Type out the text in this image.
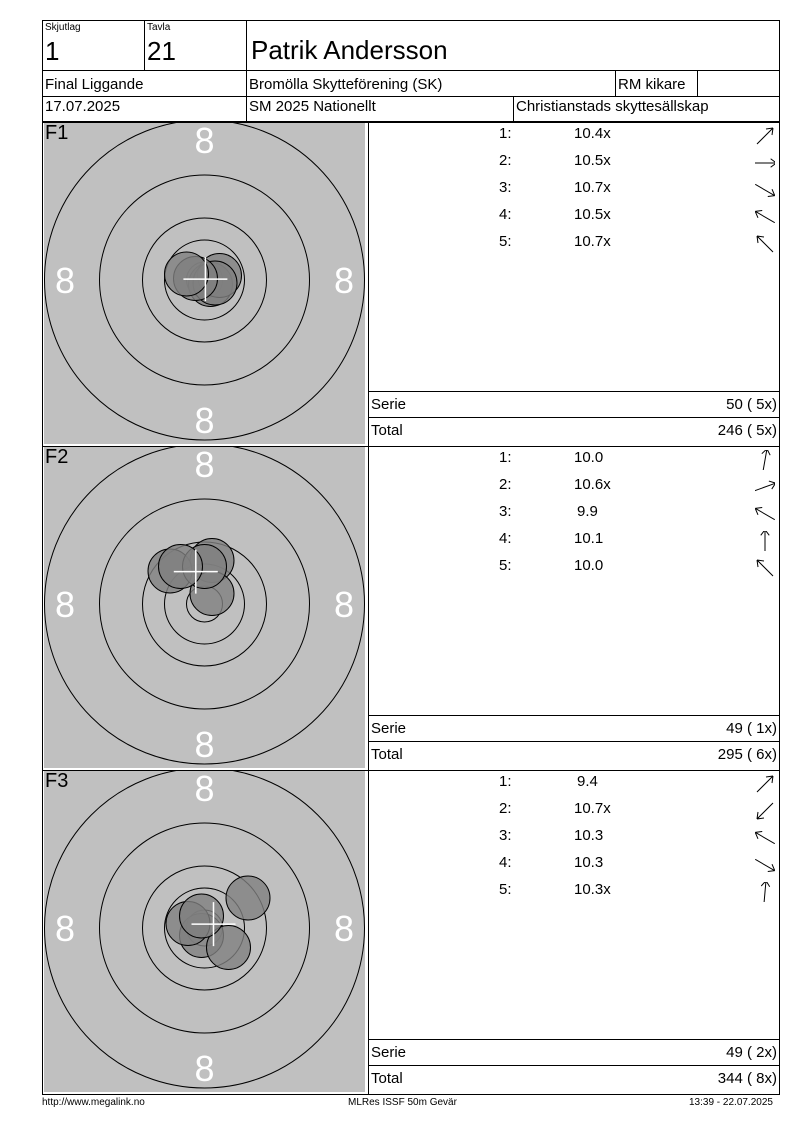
Skjutlag
1
Tavla
21	Patrik Andersson
Final Liggande	Bromölla Skytteförening (SK)	RM kikare
17.07.2025	SM 2025 Nationellt	Christianstads skyttesällskap
8
8
8	8
F1	1:	10.4x
2:	10.5x
3:	10.7x
4:	10.5x
5:	10.7x
Serie	50 ( 5x)
Total	246 ( 5x)
8
8
8	8
F2	1:	10.0
2:	10.6x
3:	9.9
4:	10.1
5:	10.0
Serie	49 ( 1x)
Total	295 ( 6x)
8
8
8	8
F3	1:	9.4
2:	10.7x
3:	10.3
4:	10.3
5:	10.3x
Serie	49 ( 2x)
Total	344 ( 8x)
http://www.megalink.no	MLRes ISSF 50m Gevär	13:39 - 22.07.2025
